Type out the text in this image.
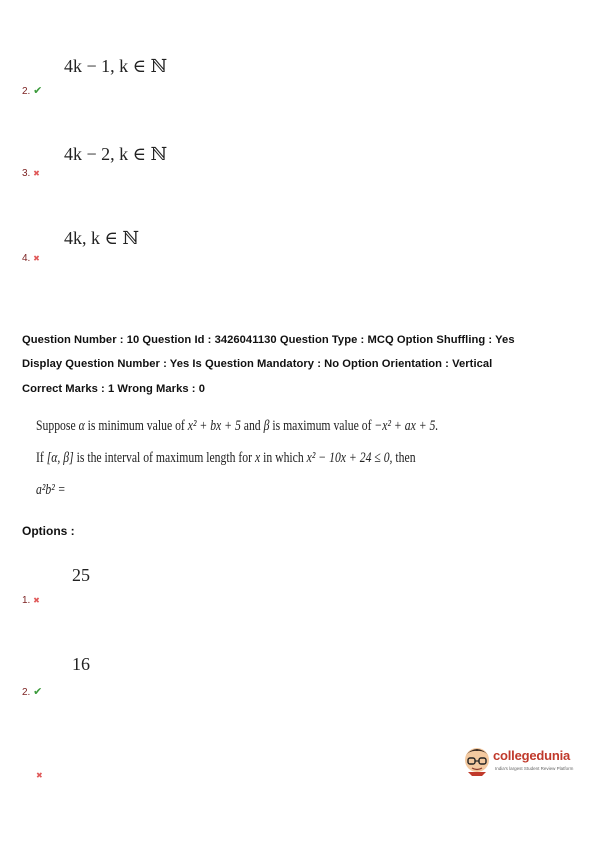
4k − 1, k ∈ ℕ
2. ✔
4k − 2, k ∈ ℕ
3. ✖
4k, k ∈ ℕ
4. ✖
Question Number : 10 Question Id : 3426041130 Question Type : MCQ Option Shuffling : Yes
Display Question Number : Yes Is Question Mandatory : No Option Orientation : Vertical
Correct Marks : 1 Wrong Marks : 0
Suppose α is minimum value of x² + bx + 5 and β is maximum value of −x² + ax + 5.
If [α, β] is the interval of maximum length for x in which x² − 10x + 24 ≤ 0, then
a²b² =
Options :
25
1. ✖
16
2. ✔
✖
collegedunia
India's largest Student Review Platform
